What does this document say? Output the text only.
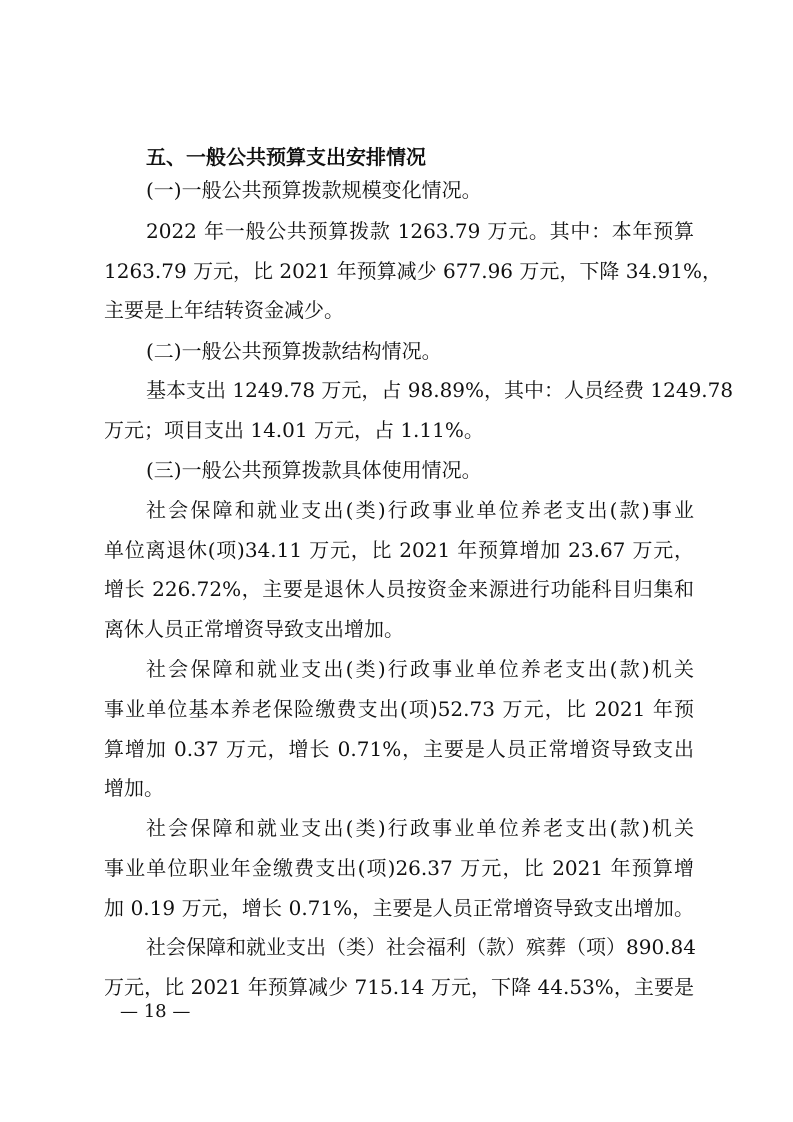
五、一般公共预算支出安排情况
(一)一般公共预算拨款规模变化情况。
2022 年一般公共预算拨款 1263.79 万元。其中：本年预算
1263.79 万元，比 2021 年预算减少 677.96 万元，下降 34.91%，
主要是上年结转资金减少。
(二)一般公共预算拨款结构情况。
基本支出 1249.78 万元，占 98.89%，其中：人员经费 1249.78
万元；项目支出 14.01 万元，占 1.11%。
(三)一般公共预算拨款具体使用情况。
社会保障和就业支出(类)行政事业单位养老支出(款)事业
单位离退休(项)34.11 万元，比 2021 年预算增加 23.67 万元，
增长 226.72%，主要是退休人员按资金来源进行功能科目归集和
离休人员正常增资导致支出增加。
社会保障和就业支出(类)行政事业单位养老支出(款)机关
事业单位基本养老保险缴费支出(项)52.73 万元，比 2021 年预
算增加 0.37 万元，增长 0.71%，主要是人员正常增资导致支出
增加。
社会保障和就业支出(类)行政事业单位养老支出(款)机关
事业单位职业年金缴费支出(项)26.37 万元，比 2021 年预算增
加 0.19 万元，增长 0.71%，主要是人员正常增资导致支出增加。
社会保障和就业支出（类）社会福利（款）殡葬（项）890.84
万元，比 2021 年预算减少 715.14 万元，下降 44.53%，主要是
— 18 —
